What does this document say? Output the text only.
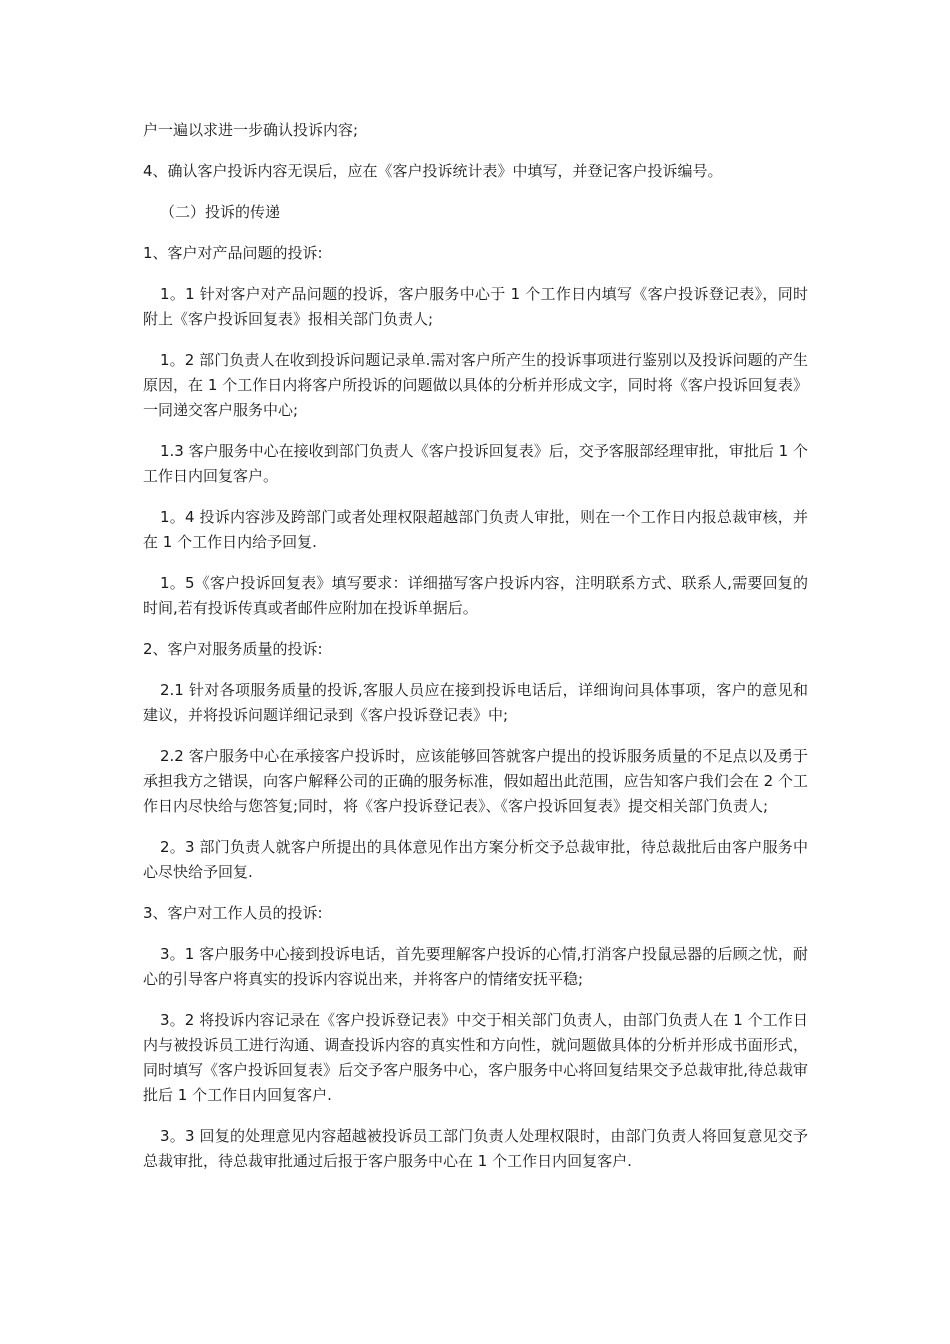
户一遍以求进一步确认投诉内容;

4、确认客户投诉内容无误后，应在《客户投诉统计表》中填写，并登记客户投诉编号。

（二）投诉的传递

1、客户对产品问题的投诉:

1。1 针对客户对产品问题的投诉，客户服务中心于 1 个工作日内填写《客户投诉登记表》，同时附上《客户投诉回复表》报相关部门负责人;

1。2 部门负责人在收到投诉问题记录单.需对客户所产生的投诉事项进行鉴别以及投诉问题的产生原因，在 1 个工作日内将客户所投诉的问题做以具体的分析并形成文字，同时将《客户投诉回复表》一同递交客户服务中心;

1.3 客户服务中心在接收到部门负责人《客户投诉回复表》后，交予客服部经理审批，审批后 1 个工作日内回复客户。

1。4 投诉内容涉及跨部门或者处理权限超越部门负责人审批，则在一个工作日内报总裁审核，并在 1 个工作日内给予回复.

1。5《客户投诉回复表》填写要求：详细描写客户投诉内容，注明联系方式、联系人,需要回复的时间,若有投诉传真或者邮件应附加在投诉单据后。

2、客户对服务质量的投诉:

2.1 针对各项服务质量的投诉,客服人员应在接到投诉电话后，详细询问具体事项，客户的意见和建议，并将投诉问题详细记录到《客户投诉登记表》中;

2.2 客户服务中心在承接客户投诉时，应该能够回答就客户提出的投诉服务质量的不足点以及勇于承担我方之错误，向客户解释公司的正确的服务标准，假如超出此范围，应告知客户我们会在 2 个工作日内尽快给与您答复;同时，将《客户投诉登记表》、《客户投诉回复表》提交相关部门负责人;

2。3 部门负责人就客户所提出的具体意见作出方案分析交予总裁审批，待总裁批后由客户服务中心尽快给予回复.

3、客户对工作人员的投诉:

3。1 客户服务中心接到投诉电话，首先要理解客户投诉的心情,打消客户投鼠忌器的后顾之忧，耐心的引导客户将真实的投诉内容说出来，并将客户的情绪安抚平稳;

3。2 将投诉内容记录在《客户投诉登记表》中交于相关部门负责人，由部门负责人在 1 个工作日内与被投诉员工进行沟通、调查投诉内容的真实性和方向性，就问题做具体的分析并形成书面形式，同时填写《客户投诉回复表》后交予客户服务中心，客户服务中心将回复结果交予总裁审批,待总裁审批后 1 个工作日内回复客户.

3。3 回复的处理意见内容超越被投诉员工部门负责人处理权限时，由部门负责人将回复意见交予总裁审批，待总裁审批通过后报于客户服务中心在 1 个工作日内回复客户.
